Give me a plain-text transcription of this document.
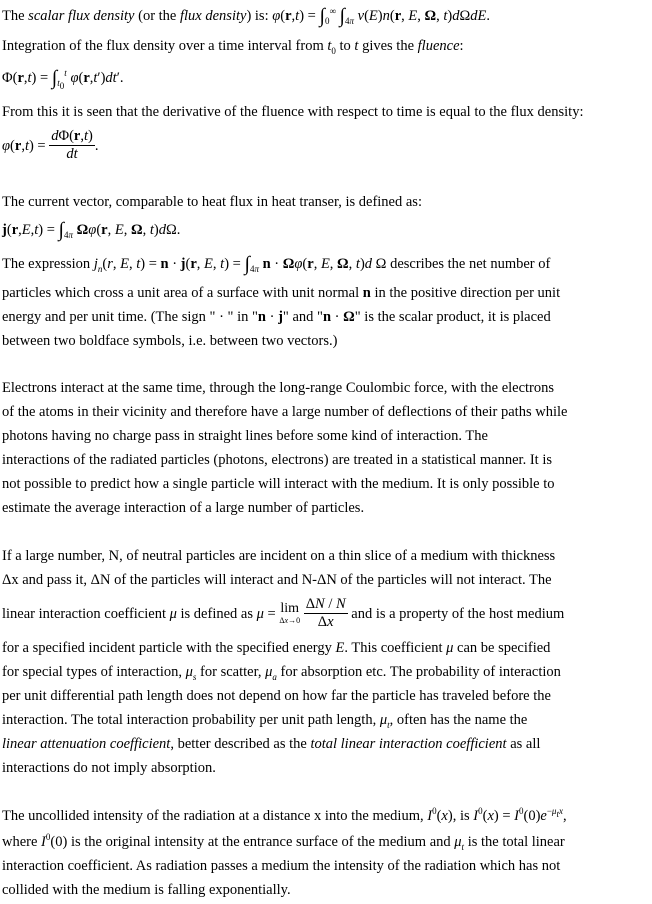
The scalar flux density (or the flux density) is: $\varphi(r,t) = \int_0^\infty$ $\int_{4\pi}$ v(E)n(r, E, Ω, t)dΩdE.
Integration of the flux density over a time interval from $t_0$ to t gives the fluence:
$\Phi(r,t) = \int_{t_0}^t$ φ(r,t′)dt′.
From this it is seen that the derivative of the fluence with respect to time is equal to the flux density:
$\varphi(r,t) = \frac{d\Phi(r,t)}{dt}$ .
The current vector, comparable to heat flux in heat transer, is defined as:
$j(r,E,t) = \int_{4\pi}$ Ωφ(r, E, Ω, t)dΩ.
The expression $j_n(r$, E, t) = n · j(r, E, $t) = \int_{4\pi}$ n · Ωφ(r, E, Ω, t)d Ω describes the net number of
particles which cross a unit area of a surface with unit normal n in the positive direction per unit
energy and per unit time. (The sign " · " in "n · j" and "n · Ω" is the scalar product, it is placed
between two boldface symbols, i.e. between two vectors.)
Electrons interact at the same time, through the long-range Coulombic force, with the electrons
of the atoms in their vicinity and therefore have a large number of deflections of their paths while
photons having no charge pass in straight lines before some kind of interaction. The
interactions of the radiated particles (photons, electrons) are treated in a statistical manner. It is
not possible to predict how a single particle will interact with the medium. It is only possible to
estimate the average interaction of a large number of particles.
If a large number, N, of neutral particles are incident on a thin slice of a medium with thickness
Δx and pass it, ΔN of the particles will interact and N-ΔN of the particles will not interact. The
linear interaction coefficient μ is defined as μ = lim
Δx→0
$\frac{\Delta N / N}{\Delta x}$ and is a property of the host medium
for a specified incident particle with the specified energy E. This coefficient μ can be specified
for special types of interaction, $\mu_s$ for scatter, $\mu_a$ for absorption etc. The probability of interaction
per unit differential path length does not depend on how far the particle has traveled before the
interaction. The total interaction probability per unit path length, $\mu_t$, often has the name the
linear attenuation coefficient, better described as the total linear interaction coefficient as all
interactions do not imply absorption.
The uncollided intensity of the radiation at a distance x into the medium, $I^0(x)$, is $I^0(x) = I^0(0)e^{-\mu_tx}$,
where $I^0(0)$ is the original intensity at the entrance surface of the medium and $\mu_t$ is the total linear
interaction coefficient. As radiation passes a medium the intensity of the radiation which has not
collided with the medium is falling exponentially.
